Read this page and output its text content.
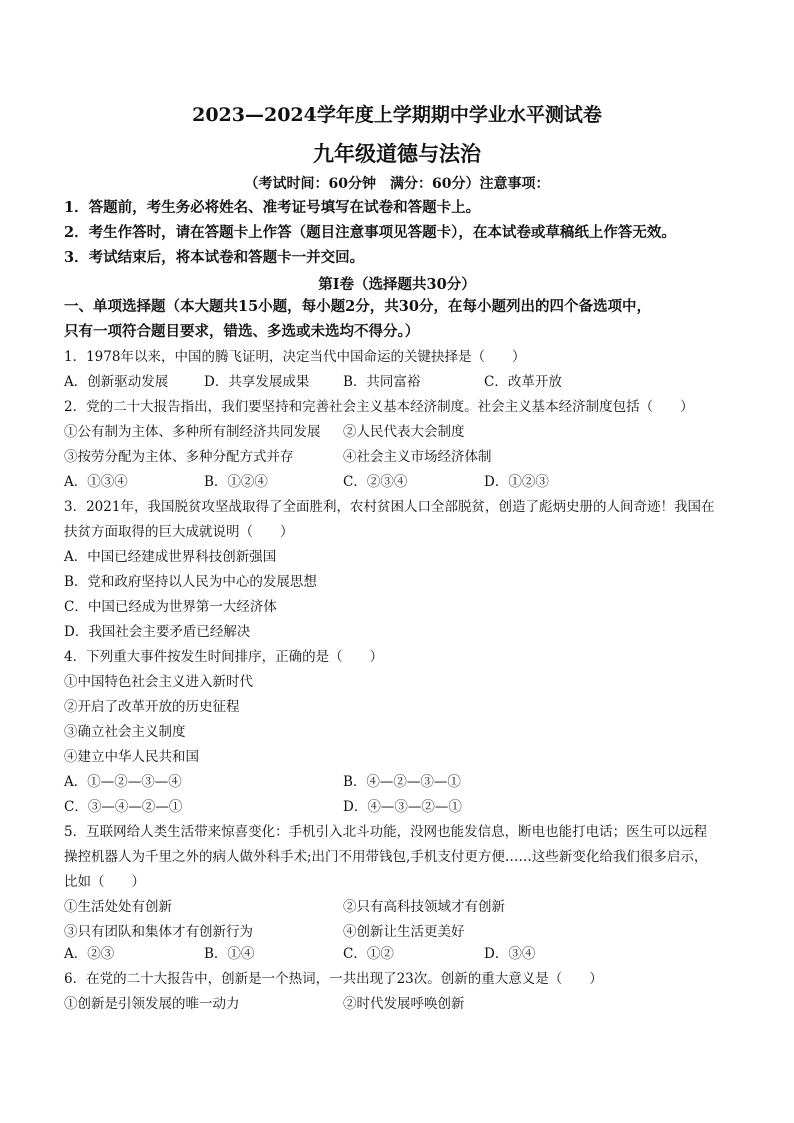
2023—2024学年度上学期期中学业水平测试卷
九年级道德与法治
（考试时间：60分钟　满分：60分）注意事项：
1．答题前，考生务必将姓名、准考证号填写在试卷和答题卡上。
2．考生作答时，请在答题卡上作答（题目注意事项见答题卡），在本试卷或草稿纸上作答无效。
3．考试结束后，将本试卷和答题卡一并交回。
第Ⅰ卷（选择题共30分）
一、单项选择题（本大题共15小题，每小题2分，共30分，在每小题列出的四个备选项中，
只有一项符合题目要求，错选、多选或未选均不得分。）
1．1978年以来，中国的腾飞证明，决定当代中国命运的关键抉择是（　　）
A．创新驱动发展	D．共享发展成果 B．共同富裕	C．改革开放
2．党的二十大报告指出，我们要坚持和完善社会主义基本经济制度。社会主义基本经济制度包括（　　）
①公有制为主体、多种所有制经济共同发展 ②人民代表大会制度
③按劳分配为主体、多种分配方式并存	④社会主义市场经济体制
A．①③④	B．①②④	C．②③④	D．①②③
3．2021年，我国脱贫攻坚战取得了全面胜利，农村贫困人口全部脱贫，创造了彪炳史册的人间奇迹！我国在
扶贫方面取得的巨大成就说明（　　）
A．中国已经建成世界科技创新强国
B．党和政府坚持以人民为中心的发展思想
C．中国已经成为世界第一大经济体
D．我国社会主要矛盾已经解决
4．下列重大事件按发生时间排序，正确的是（　　）
①中国特色社会主义进入新时代
②开启了改革开放的历史征程
③确立社会主义制度
④建立中华人民共和国
A．①—②—③—④	B．④—②—③—①
C．③—④—②—①	D．④—③—②—①
5．互联网给人类生活带来惊喜变化：手机引入北斗功能，没网也能发信息，断电也能打电话；医生可以远程
操控机器人为千里之外的病人做外科手术;出门不用带钱包,手机支付更方便……这些新变化给我们很多启示，
比如（　　）
①生活处处有创新	②只有高科技领域才有创新
③只有团队和集体才有创新行为	④创新让生活更美好
A．②③	B．①④	C．①②	D．③④
6．在党的二十大报告中，创新是一个热词，一共出现了23次。创新的重大意义是（　　）
①创新是引领发展的唯一动力	②时代发展呼唤创新
